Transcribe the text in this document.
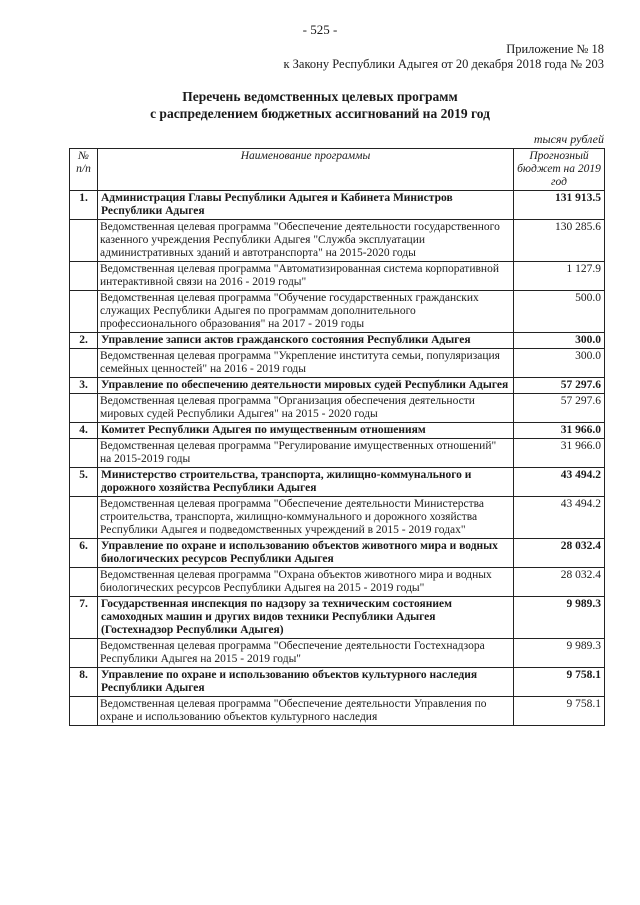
- 525 -
Приложение № 18
к Закону Республики Адыгея от 20 декабря 2018 года № 203
Перечень ведомственных целевых программ
с распределением бюджетных ассигнований на 2019 год
тысяч рублей
№ п/п	Наименование программы	Прогнозный бюджет на 2019 год
1.	Администрация Главы Республики Адыгея и Кабинета Министров Республики Адыгея	131 913.5
	Ведомственная целевая программа "Обеспечение деятельности государственного казенного учреждения Республики Адыгея "Служба эксплуатации административных зданий и автотранспорта" на 2015-2020 годы	130 285.6
	Ведомственная целевая программа "Автоматизированная система корпоративной интерактивной связи на 2016 - 2019 годы"	1 127.9
	Ведомственная целевая программа "Обучение государственных гражданских служащих Республики Адыгея по программам дополнительного профессионального образования" на 2017 - 2019 годы	500.0
2.	Управление записи актов гражданского состояния Республики Адыгея	300.0
	Ведомственная целевая программа "Укрепление института семьи, популяризация семейных ценностей" на 2016 - 2019 годы	300.0
3.	Управление по обеспечению деятельности мировых судей Республики Адыгея	57 297.6
	Ведомственная целевая программа "Организация обеспечения деятельности мировых судей Республики Адыгея" на 2015 - 2020 годы	57 297.6
4.	Комитет Республики Адыгея по имущественным отношениям	31 966.0
	Ведомственная целевая программа "Регулирование имущественных отношений" на 2015-2019 годы	31 966.0
5.	Министерство строительства, транспорта, жилищно-коммунального и дорожного хозяйства Республики Адыгея	43 494.2
	Ведомственная целевая программа "Обеспечение деятельности Министерства строительства, транспорта, жилищно-коммунального и дорожного хозяйства Республики Адыгея и подведомственных учреждений в 2015 - 2019 годах"	43 494.2
6.	Управление по охране и использованию объектов животного мира и водных биологических ресурсов Республики Адыгея	28 032.4
	Ведомственная целевая программа "Охрана объектов животного мира и водных биологических ресурсов Республики Адыгея на 2015 - 2019 годы"	28 032.4
7.	Государственная инспекция по надзору за техническим состоянием самоходных машин и других видов техники Республики Адыгея (Гостехнадзор Республики Адыгея)	9 989.3
	Ведомственная целевая программа "Обеспечение деятельности Гостехнадзора Республики Адыгея на 2015 - 2019 годы"	9 989.3
8.	Управление по охране и использованию объектов культурного наследия Республики Адыгея	9 758.1
	Ведомственная целевая программа "Обеспечение деятельности Управления по охране и использованию объектов культурного наследия	9 758.1
